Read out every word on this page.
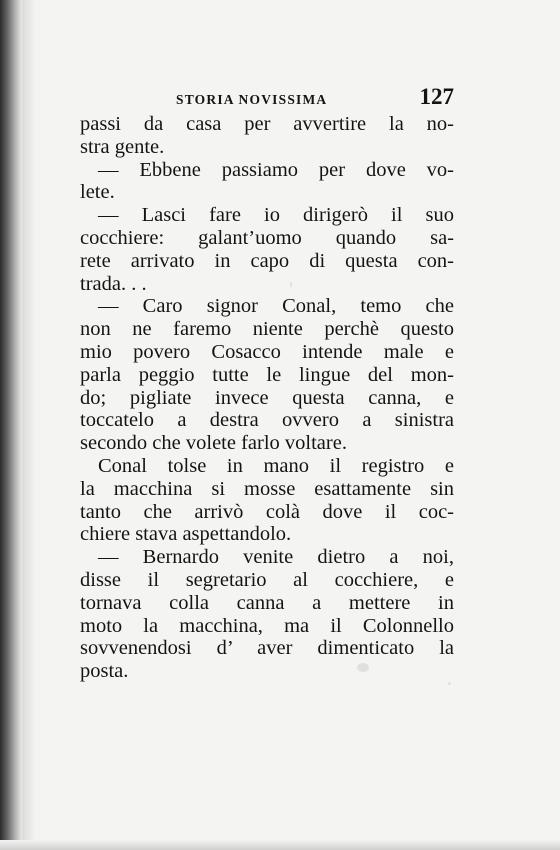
STORIA NOVISSIMA	127
passi da casa per avvertire la no-
stra gente.
— Ebbene passiamo per dove vo-
lete.
— Lasci fare io dirigerò il suo
cocchiere: galant’uomo quando sa-
rete arrivato in capo di questa con-
trada. . .
— Caro signor Conal, temo che
non ne faremo niente perchè questo
mio povero Cosacco intende male e
parla peggio tutte le lingue del mon-
do; pigliate invece questa canna, e
toccatelo a destra ovvero a sinistra
secondo che volete farlo voltare.
Conal tolse in mano il registro e
la macchina si mosse esattamente sin
tanto che arrivò colà dove il coc-
chiere stava aspettandolo.
— Bernardo venite dietro a noi,
disse il segretario al cocchiere, e
tornava colla canna a mettere in
moto la macchina, ma il Colonnello
sovvenendosi d’ aver dimenticato la
posta.
